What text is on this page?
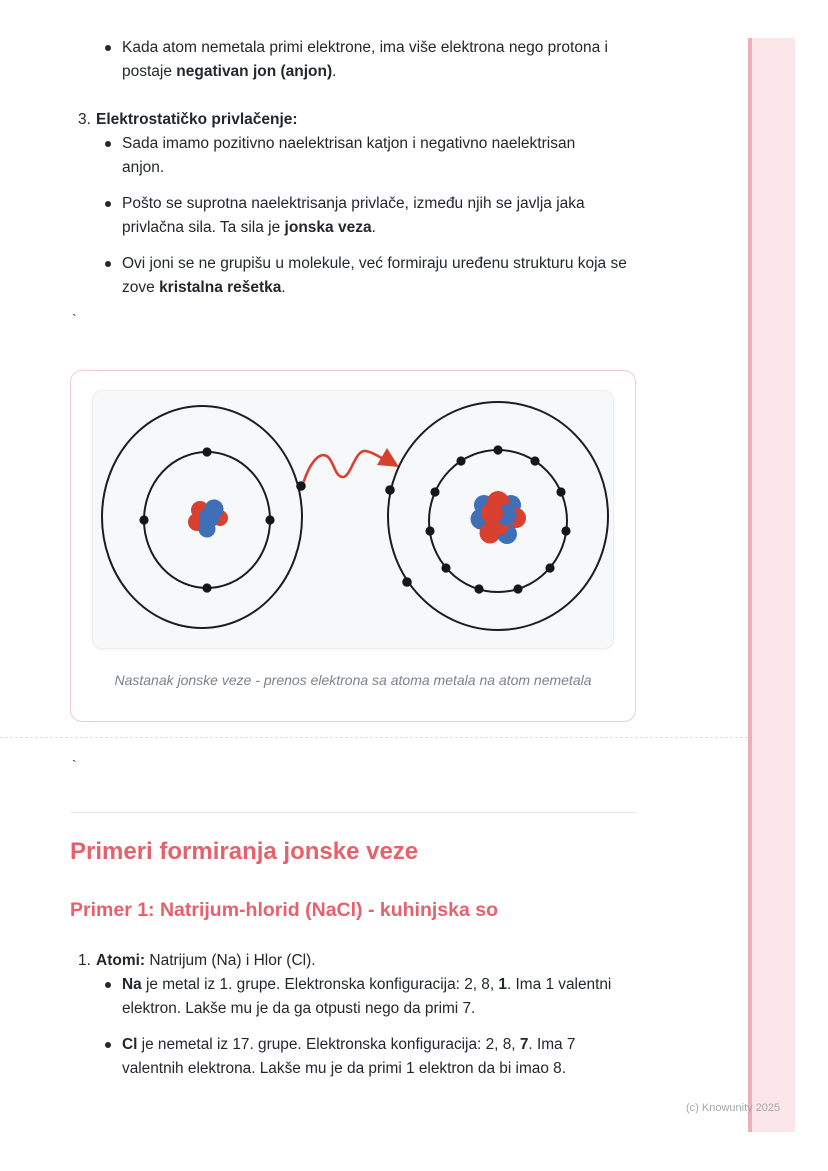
Kada atom nemetala primi elektrone, ima više elektrona nego protona i postaje negativan jon (anjon).

3. Elektrostatičko privlačenje:

Sada imamo pozitivno naelektrisan katjon i negativno naelektrisan anjon.

Pošto se suprotna naelektrisanja privlače, između njih se javlja jaka privlačna sila. Ta sila je jonska veza.

Ovi joni se ne grupišu u molekule, već formiraju uređenu strukturu koja se zove kristalna rešetka.

`
Nastanak jonske veze - prenos elektrona sa atoma metala na atom nemetala
`
Primeri formiranja jonske veze
Primer 1: Natrijum-hlorid (NaCl) - kuhinjska so
1. Atomi: Natrijum (Na) i Hlor (Cl).

Na je metal iz 1. grupe. Elektronska konfiguracija: 2, 8, 1. Ima 1 valentni elektron. Lakše mu je da ga otpusti nego da primi 7.

Cl je nemetal iz 17. grupe. Elektronska konfiguracija: 2, 8, 7. Ima 7 valentnih elektrona. Lakše mu je da primi 1 elektron da bi imao 8.

(c) Knowunity 2025
